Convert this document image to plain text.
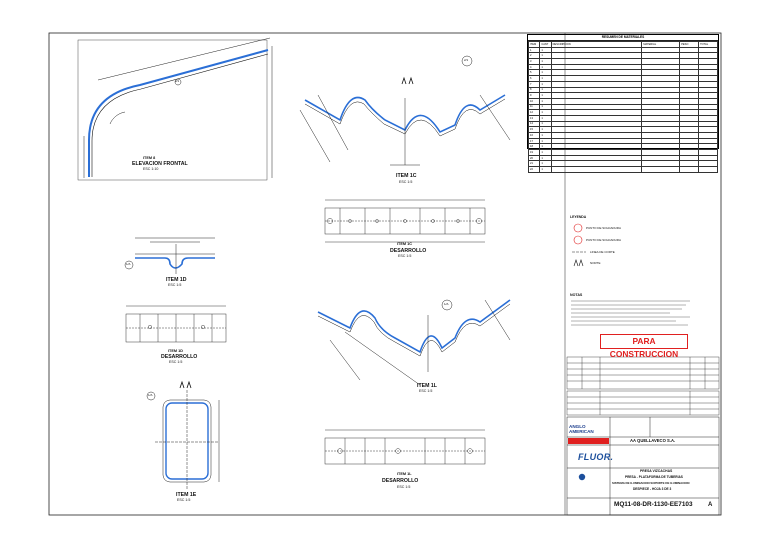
ITEM 8
ELEVACION FRONTAL
ESC 1:10
ITEM 1C
ESC 1:5
ITEM 1C
DESARROLLO
ESC 1:5
ITEM 1D
ESC 1:5
ITEM 1D
DESARROLLO
ESC 1:5
ITEM 1L
ESC 1:5
ITEM 1L
DESARROLLO
ESC 1:5
ITEM 1E
ESC 1:5
2/1
1/A
1/A
1/A
2/1
RESUMEN DE MATERIALES
ITEM	CANT	DESCRIPCION	MATERIAL	PESO	TOTAL
1	1				
2	1				
3	1				
4	1				
5	1				
6	1				
7	1				
8	1				
9	1				
10	1				
11	1				
12	1				
13	1				
14	1				
15	1				
16	1				
17	1				
18	1				
19	1				
20	1				
21	1				
22	1				
LEYENDA
PUNTO DE SOLDADURA
PUNTO DE SOLDADURA
LINEA DE CORTE
NORTE
NOTAS
PARA CONSTRUCCION
ANGLO AMERICAN
AA QUELLAVECO S.A.
FLUOR.
PRESA VIZCACHAS
PRESA - PLATAFORMA DE TUBERIAS
SISTEMA DE ILUMINACION SOPORTE DE ILUMINACION
DESPIECE - HOJA 3 DE 3
MQ11-08-DR-1130-EE7103	A
